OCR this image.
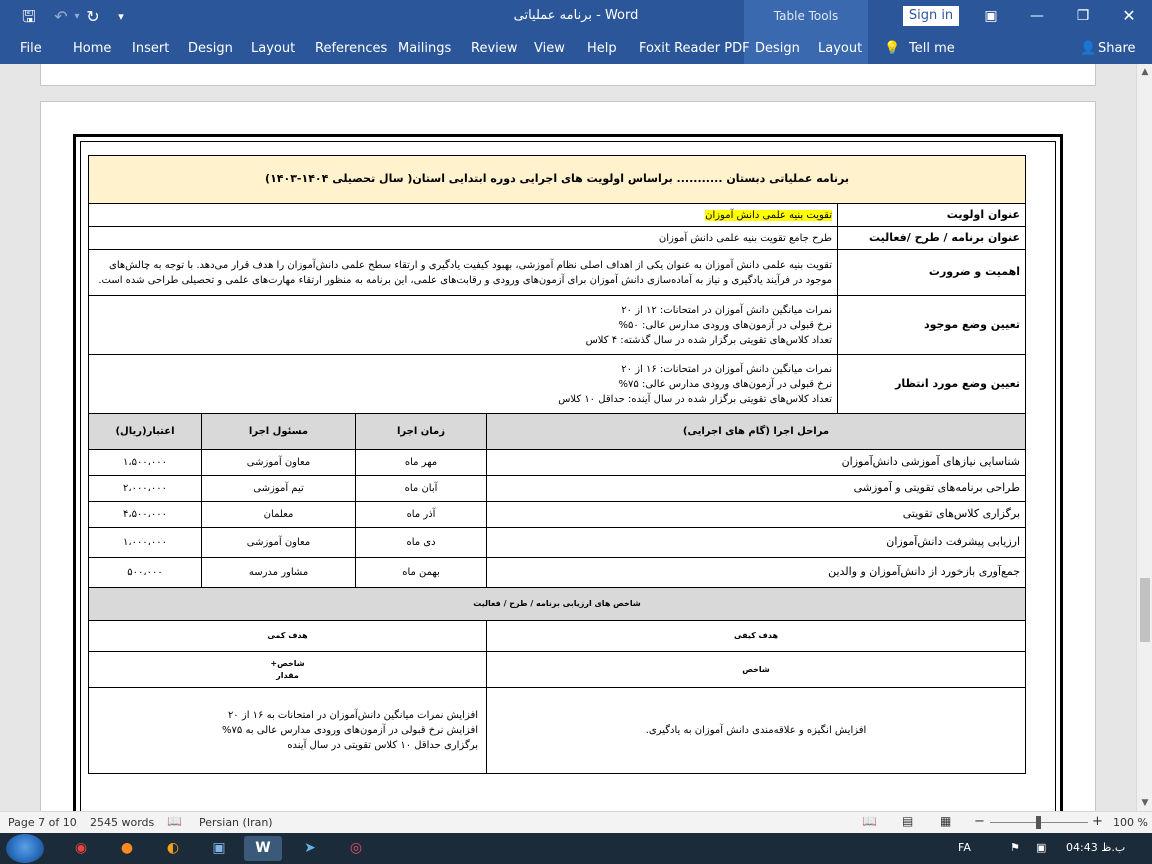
🖫 ↶ ▾ ↻	▾	Table Tools
برنامه عملیاتی - Word	Sign in	▣	—	❐	✕
File Home Insert Design Layout References Mailings Review View Help Foxit Reader PDF Design Layout 💡 Tell me	👤 Share
برنامه عملیاتی دبستان ........... براساس اولویت های اجرایی دوره ابتدایی استان( سال تحصیلی ۱۴۰۴-۱۴۰۳)				
عنوان اولویت	تقویت بنیه علمی دانش آموزان			
عنوان برنامه / طرح /فعالیت	طرح جامع تقویت بنیه علمی دانش آموزان			
اهمیت و ضرورت	تقویت بنیه علمی دانش آموزان به عنوان یکی از اهداف اصلی نظام آموزشی، بهبود کیفیت یادگیری و ارتقاء سطح علمی دانش‌آموزان را هدف قرار می‌دهد. با توجه به چالش‌های موجود در فرآیند یادگیری و نیاز به آماده‌سازی دانش آموزان برای آزمون‌های ورودی و رقابت‌های علمی، این برنامه به منظور ارتقاء مهارت‌های علمی و تحصیلی طراحی شده است.			
تعیین وضع موجود	نمرات میانگین دانش آموزان در امتحانات: ۱۲ از ۲۰
نرخ قبولی در آزمون‌های ورودی مدارس عالی: ۵۰%
تعداد کلاس‌های تقویتی برگزار شده در سال گذشته: ۴ کلاس			

تعیین وضع مورد انتظار	نمرات میانگین دانش آموزان در امتحانات: ۱۶ از ۲۰
نرخ قبولی در آزمون‌های ورودی مدارس عالی: ۷۵%
تعداد کلاس‌های تقویتی برگزار شده در سال آینده: حداقل ۱۰ کلاس			

مراحل اجرا (گام های اجرایی)		زمان اجرا	مسئول اجرا	اعتبار(ریال)
شناسایی نیازهای آموزشی دانش‌آموزان		مهر ماه	معاون آموزشی	۱،۵۰۰،۰۰۰
طراحی برنامه‌های تقویتی و آموزشی		آبان ماه	تیم آموزشی	۲،۰۰۰،۰۰۰
برگزاری کلاس‌های تقویتی		آذر ماه	معلمان	۴،۵۰۰،۰۰۰
ارزیابی پیشرفت دانش‌آموزان		دی ماه	معاون آموزشی	۱،۰۰۰،۰۰۰
جمع‌آوری بازخورد از دانش‌آموزان و والدین		بهمن ماه	مشاور مدرسه	۵۰۰،۰۰۰
شاخص های ارزیابی برنامه / طرح / فعالیت				
هدف کیفی		هدف کمی		
شاخص		شاخص+
مقدار		

افزایش انگیزه و علاقه‌مندی دانش آموزان به یادگیری.		افزایش نمرات میانگین دانش‌آموزان در امتحانات به ۱۶ از ۲۰
افزایش نرخ قبولی در آزمون‌های ورودی مدارس عالی به ۷۵%
برگزاری حداقل ۱۰ کلاس تقویتی در سال آینده		
▲
▼
Page 7 of 10 2545 words 📖 Persian (Iran)	📖 ▤ ▦ −	+ 100 %
◉	●	◐	▣	W	➤	◎	FA	⚑ ▣ ب.ظ 04:43
